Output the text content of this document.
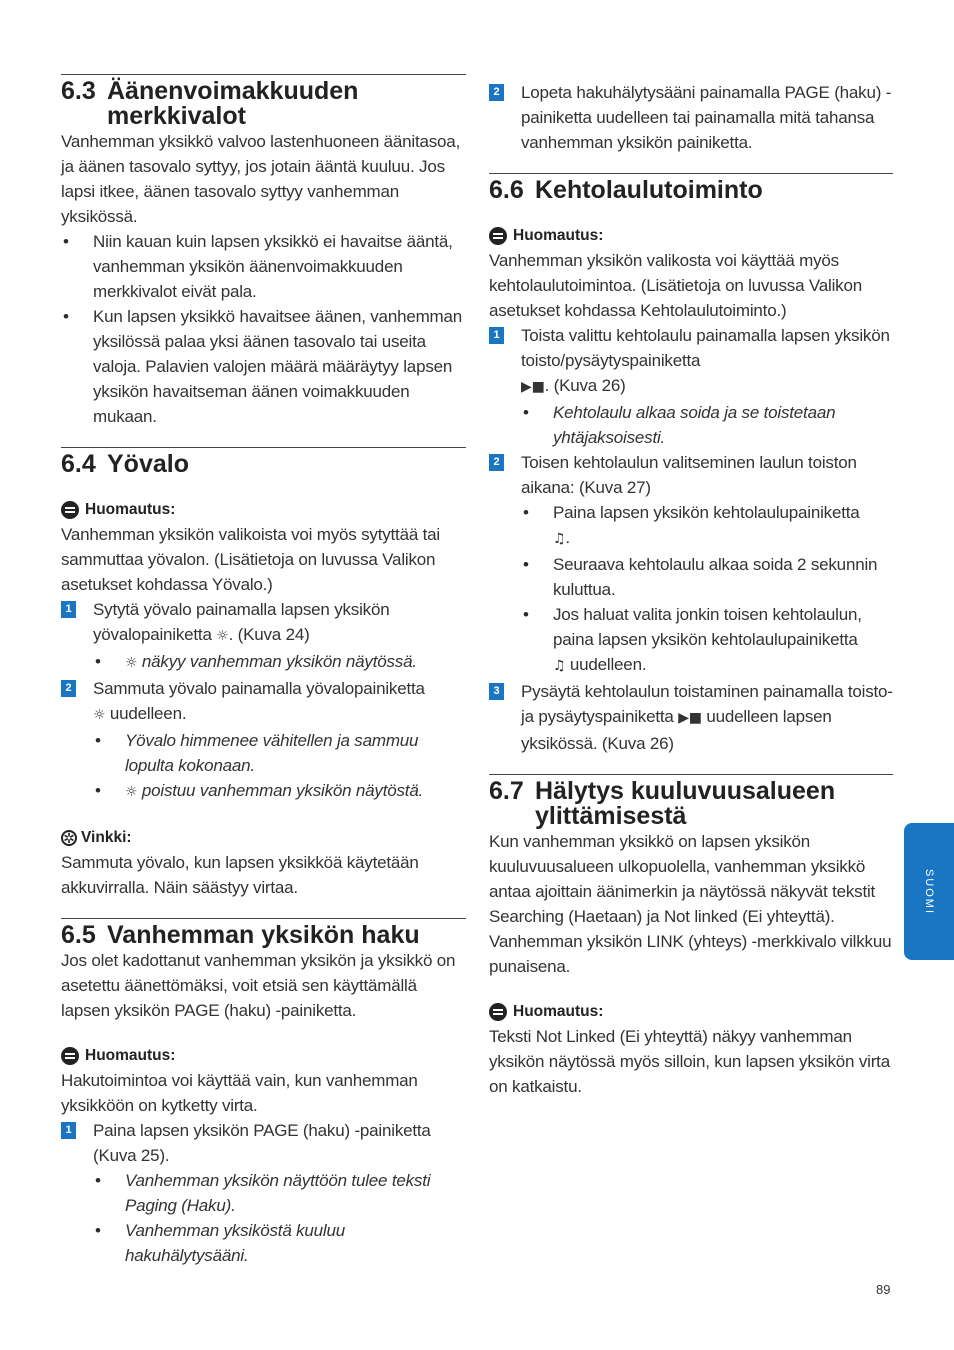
6.3 Äänenvoimakkuuden merkkivalot

Vanhemman yksikkö valvoo lastenhuoneen äänitasoa, ja äänen tasovalo syttyy, jos jotain ääntä kuuluu. Jos lapsi itkee, äänen tasovalo syttyy vanhemman yksikössä.

•	Niin kauan kuin lapsen yksikkö ei havaitse ääntä, vanhemman yksikön äänenvoimakkuuden merkkivalot eivät pala.

•	Kun lapsen yksikkö havaitsee äänen, vanhemman yksilössä palaa yksi äänen tasovalo tai useita valoja. Palavien valojen määrä määräytyy lapsen yksikön havaitseman äänen voimakkuuden mukaan.

6.4 Yövalo
Huomautus:

Vanhemman yksikön valikoista voi myös sytyttää tai sammuttaa yövalon. (Lisätietoja on luvussa Valikon asetukset kohdassa Yövalo.)

1 Sytytä yövalo painamalla lapsen yksikön yövalopainiketta ☼. (Kuva 24)

•	☼ näkyy vanhemman yksikön näytössä.

2 Sammuta yövalo painamalla yövalopainiketta
☼ uudelleen.

•	Yövalo himmenee vähitellen ja sammuu lopulta kokonaan.

•	☼ poistuu vanhemman yksikön näytöstä.

✲
Vinkki:

Sammuta yövalo, kun lapsen yksikköä käytetään akkuvirralla. Näin säästyy virtaa.

6.5 Vanhemman yksikön haku

Jos olet kadottanut vanhemman yksikön ja yksikkö on asetettu äänettömäksi, voit etsiä sen käyttämällä lapsen yksikön PAGE (haku) -painiketta.

Huomautus:

Hakutoimintoa voi käyttää vain, kun vanhemman yksikköön on kytketty virta.

1 Paina lapsen yksikön PAGE (haku) -painiketta (Kuva 25).

•	Vanhemman yksikön näyttöön tulee teksti Paging (Haku).

•	Vanhemman yksiköstä kuuluu hakuhälytysääni.

2 Lopeta hakuhälytysääni painamalla PAGE (haku) -painiketta uudelleen tai painamalla mitä tahansa vanhemman yksikön painiketta.

6.6 Kehtolaulutoiminto
Huomautus:

Vanhemman yksikön valikosta voi käyttää myös kehtolaulutoimintoa. (Lisätietoja on luvussa Valikon asetukset kohdassa Kehtolaulutoiminto.)

1 Toista valittu kehtolaulu painamalla lapsen yksikön toisto/pysäytyspainiketta
▶■. (Kuva 26)

•	Kehtolaulu alkaa soida ja se toistetaan yhtäjaksoisesti.

2 Toisen kehtolaulun valitseminen laulun toiston aikana: (Kuva 27)

•	Paina lapsen yksikön kehtolaulupainiketta
♫.

•	Seuraava kehtolaulu alkaa soida 2 sekunnin kuluttua.

•	Jos haluat valita jonkin toisen kehtolaulun, paina lapsen yksikön kehtolaulupainiketta
♫ uudelleen.

3 Pysäytä kehtolaulun toistaminen painamalla toisto- ja pysäytyspainiketta ▶■ uudelleen lapsen yksikössä. (Kuva 26)

6.7 Hälytys kuuluvuusalueen ylittämisestä

Kun vanhemman yksikkö on lapsen yksikön kuuluvuusalueen ulkopuolella, vanhemman yksikkö antaa ajoittain äänimerkin ja näytössä näkyvät tekstit Searching (Haetaan) ja Not linked (Ei yhteyttä). Vanhemman yksikön LINK (yhteys) -merkkivalo vilkkuu punaisena.

Huomautus:

Teksti Not Linked (Ei yhteyttä) näkyy vanhemman yksikön näytössä myös silloin, kun lapsen yksikön virta on katkaistu.

SUOMI
89
